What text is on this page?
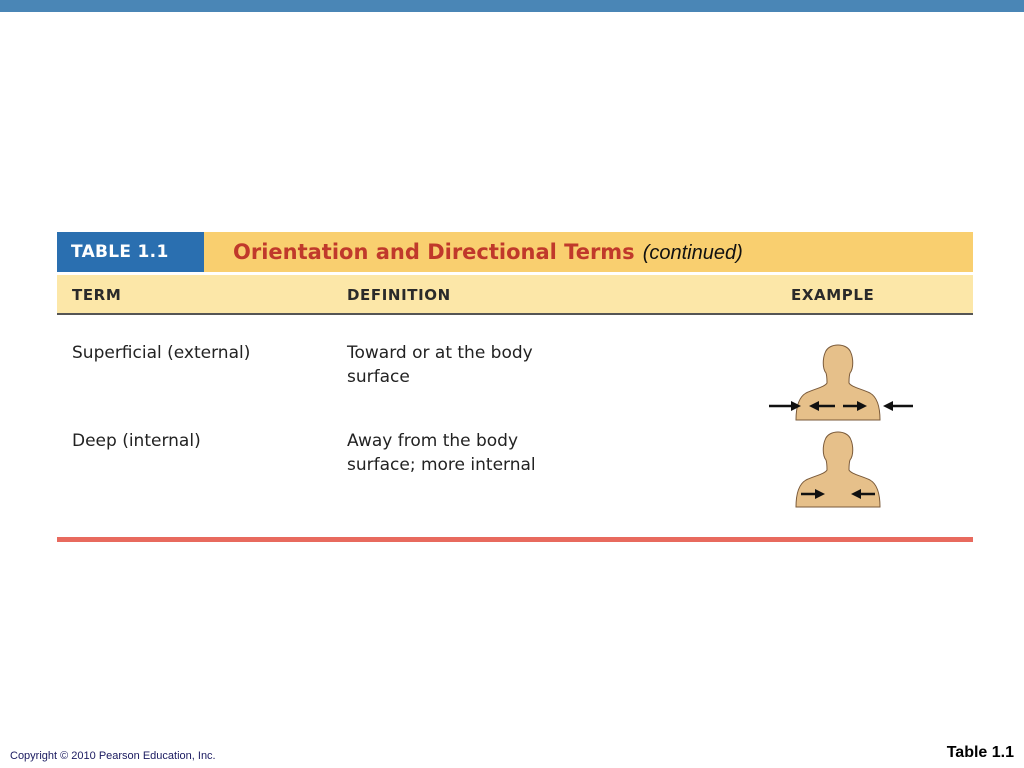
TABLE 1.1	Orientation and Directional Terms (continued)
TERM	DEFINITION	EXAMPLE
Superficial (external)	Toward or at the body
surface
Deep (internal)	Away from the body
surface; more internal
Copyright © 2010 Pearson Education, Inc.	Table 1.1
